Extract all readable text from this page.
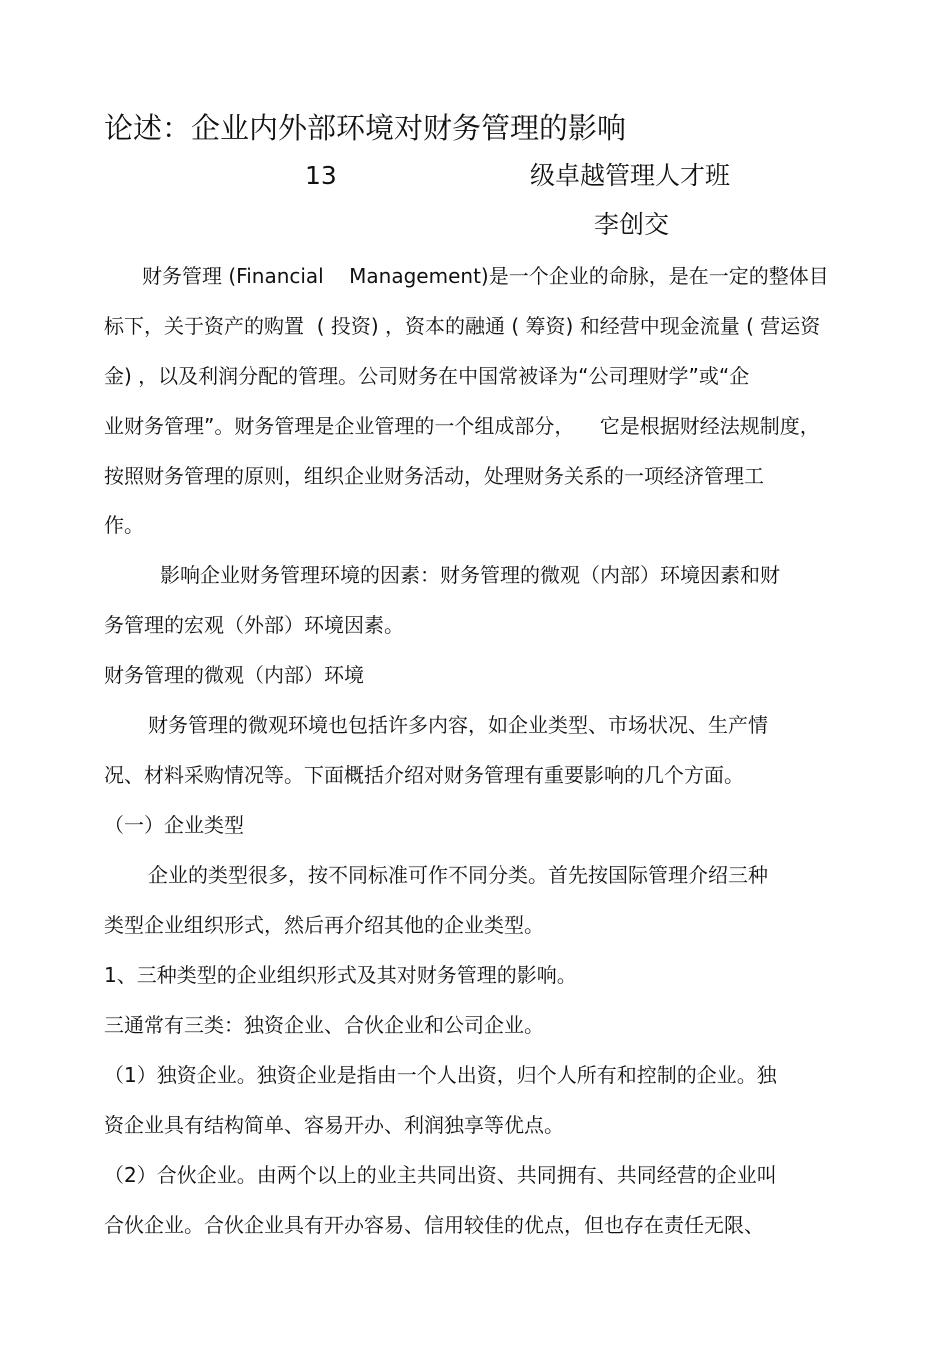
论述：企业内外部环境对财务管理的影响
13	级卓越管理人才班
李创交
财务管理 (Financial    Management)是一个企业的命脉，是在一定的整体目
标下，关于资产的购置  ( 投资) ，资本的融通 ( 筹资) 和经营中现金流量 ( 营运资
金) ，以及利润分配的管理。公司财务在中国常被译为“公司理财学”或“企
业财务管理”。财务管理是企业管理的一个组成部分，    它是根据财经法规制度，
按照财务管理的原则，组织企业财务活动，处理财务关系的一项经济管理工
作。
影响企业财务管理环境的因素：财务管理的微观（内部）环境因素和财
务管理的宏观（外部）环境因素。
财务管理的微观（内部）环境
财务管理的微观环境也包括许多内容，如企业类型、市场状况、生产情
况、材料采购情况等。下面概括介绍对财务管理有重要影响的几个方面。
（一）企业类型
企业的类型很多，按不同标准可作不同分类。首先按国际管理介绍三种
类型企业组织形式，然后再介绍其他的企业类型。
1、三种类型的企业组织形式及其对财务管理的影响。
三通常有三类：独资企业、合伙企业和公司企业。
（1）独资企业。独资企业是指由一个人出资，归个人所有和控制的企业。独
资企业具有结构简单、容易开办、利润独享等优点。
（2）合伙企业。由两个以上的业主共同出资、共同拥有、共同经营的企业叫
合伙企业。合伙企业具有开办容易、信用较佳的优点，但也存在责任无限、
